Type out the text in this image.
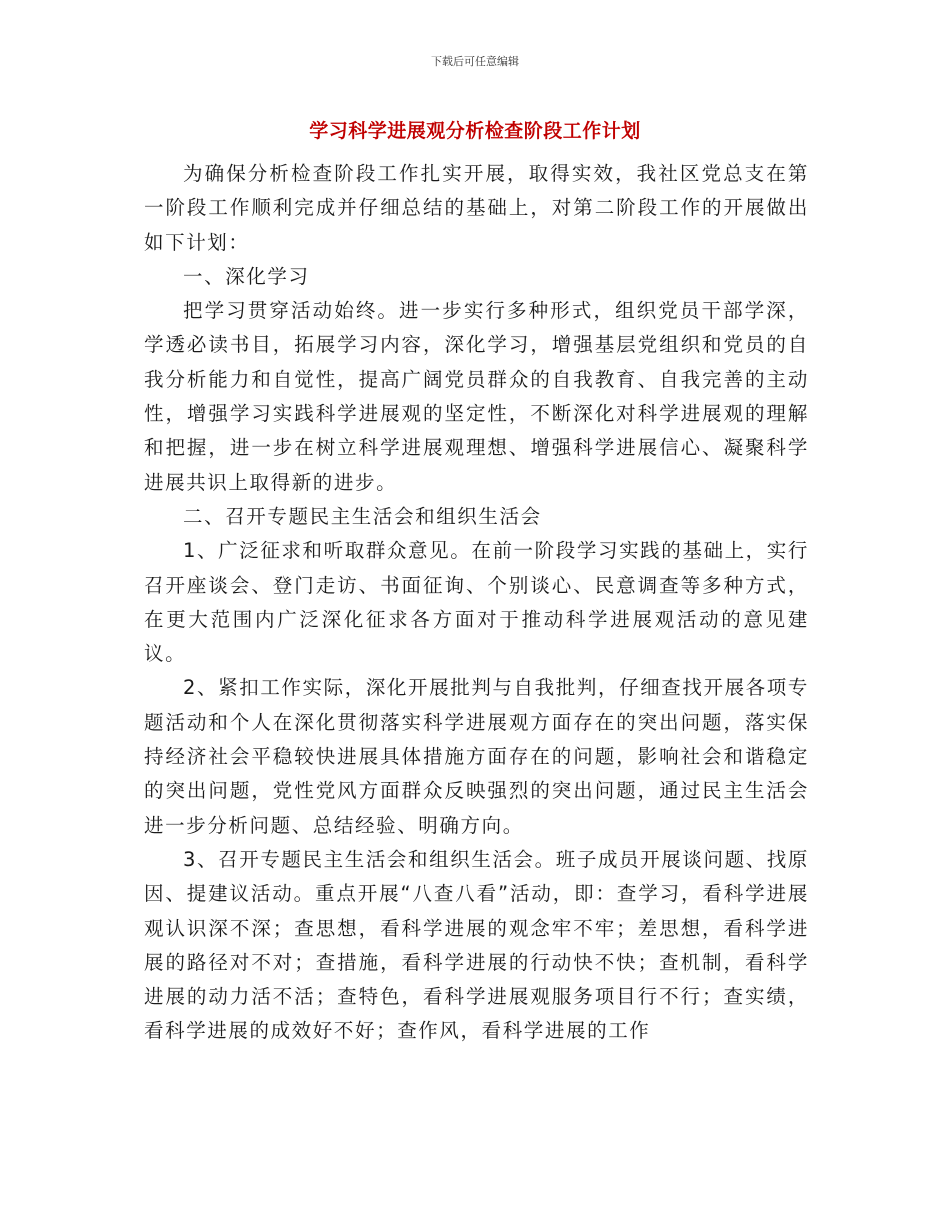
下载后可任意编辑
学习科学进展观分析检查阶段工作计划

为确保分析检查阶段工作扎实开展，取得实效，我社区党总支在第一阶段工作顺利完成并仔细总结的基础上，对第二阶段工作的开展做出如下计划：

一、深化学习

把学习贯穿活动始终。进一步实行多种形式，组织党员干部学深，学透必读书目，拓展学习内容，深化学习，增强基层党组织和党员的自我分析能力和自觉性，提高广阔党员群众的自我教育、自我完善的主动性，增强学习实践科学进展观的坚定性，不断深化对科学进展观的理解和把握，进一步在树立科学进展观理想、增强科学进展信心、凝聚科学进展共识上取得新的进步。

二、召开专题民主生活会和组织生活会

1、广泛征求和听取群众意见。在前一阶段学习实践的基础上，实行召开座谈会、登门走访、书面征询、个别谈心、民意调查等多种方式，在更大范围内广泛深化征求各方面对于推动科学进展观活动的意见建议。

2、紧扣工作实际，深化开展批判与自我批判，仔细查找开展各项专题活动和个人在深化贯彻落实科学进展观方面存在的突出问题，落实保持经济社会平稳较快进展具体措施方面存在的问题，影响社会和谐稳定的突出问题，党性党风方面群众反映强烈的突出问题，通过民主生活会进一步分析问题、总结经验、明确方向。

3、召开专题民主生活会和组织生活会。班子成员开展谈问题、找原因、提建议活动。重点开展“八查八看”活动，即：查学习，看科学进展观认识深不深；查思想，看科学进展的观念牢不牢；差思想，看科学进展的路径对不对；查措施，看科学进展的行动快不快；查机制，看科学进展的动力活不活；查特色，看科学进展观服务项目行不行；查实绩，看科学进展的成效好不好；查作风，看科学进展的工作
